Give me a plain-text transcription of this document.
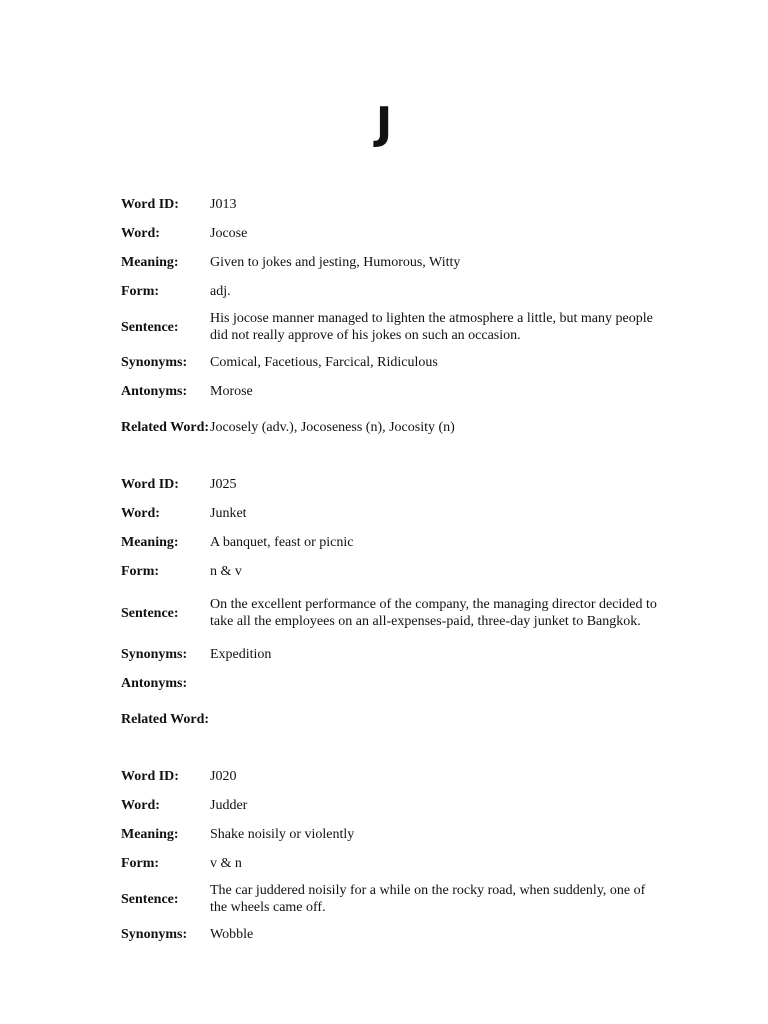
J
Word ID:	J013
Word:	Jocose
Meaning:	Given to jokes and jesting, Humorous, Witty
Form:	adj.
Sentence:
His jocose manner managed to lighten the atmosphere a little, but many people did not really approve of his jokes on such an occasion.
Synonyms:	Comical, Facetious, Farcical, Ridiculous
Antonyms:	Morose
Related Word: Jocosely (adv.), Jocoseness (n), Jocosity (n)
Word ID:	J025
Word:	Junket
Meaning:	A banquet, feast or picnic
Form:	n & v
Sentence:
On the excellent performance of the company, the managing director decided to take all the employees on an all-expenses-paid, three-day junket to Bangkok.
Synonyms:	Expedition
Antonyms:
Related Word:
Word ID:	J020
Word:	Judder
Meaning:	Shake noisily or violently
Form:	v & n
Sentence:
The car juddered noisily for a while on the rocky road, when suddenly, one of the wheels came off.
Synonyms:	Wobble
